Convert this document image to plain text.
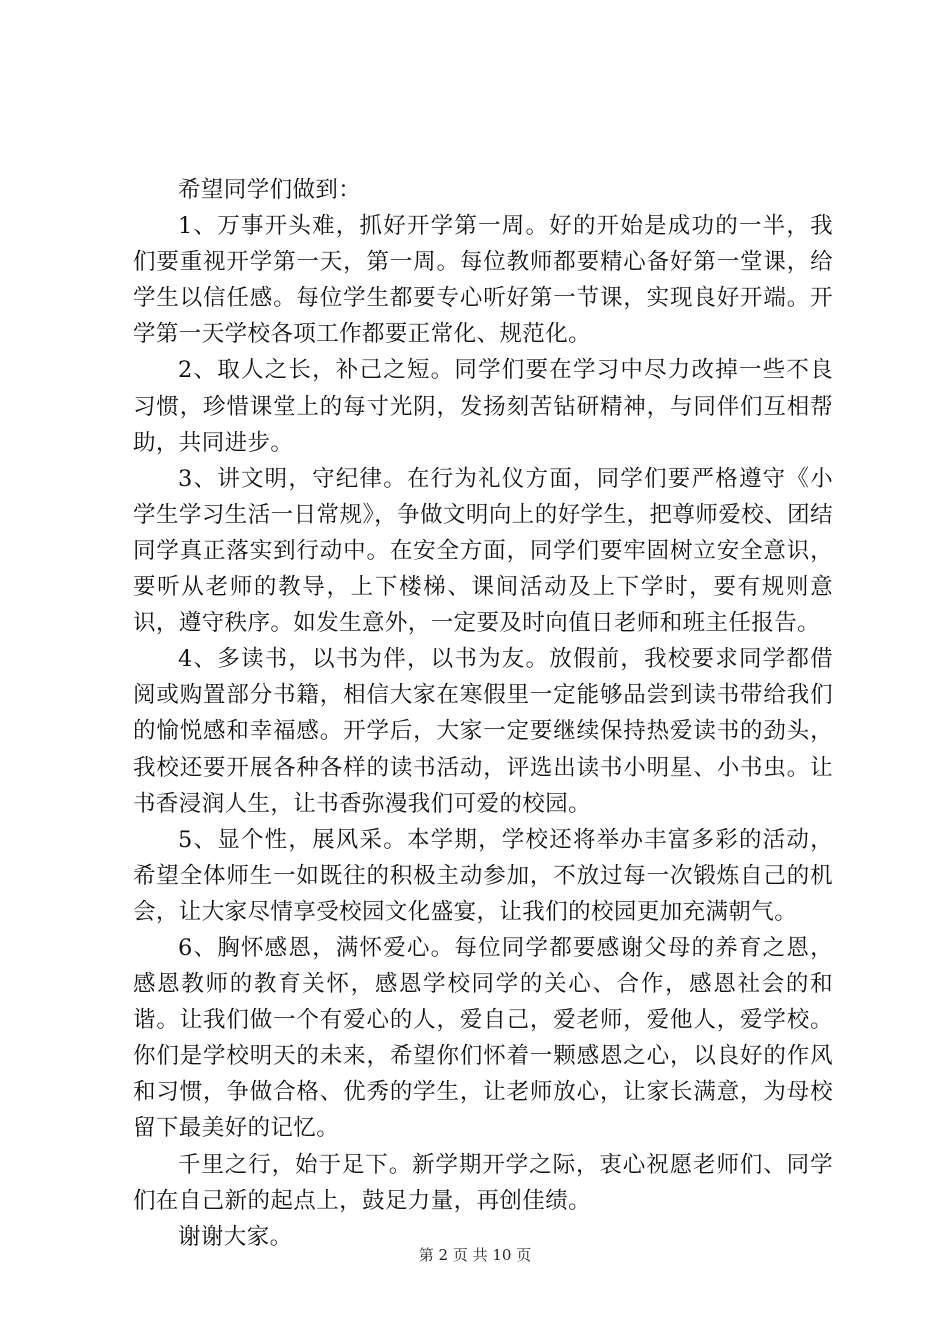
希望同学们做到：

1、万事开头难，抓好开学第一周。好的开始是成功的一半，我们要重视开学第一天，第一周。每位教师都要精心备好第一堂课，给学生以信任感。每位学生都要专心听好第一节课，实现良好开端。开学第一天学校各项工作都要正常化、规范化。

2、取人之长，补己之短。同学们要在学习中尽力改掉一些不良习惯，珍惜课堂上的每寸光阴，发扬刻苦钻研精神，与同伴们互相帮助，共同进步。

3、讲文明，守纪律。在行为礼仪方面，同学们要严格遵守《小学生学习生活一日常规》，争做文明向上的好学生，把尊师爱校、团结同学真正落实到行动中。在安全方面，同学们要牢固树立安全意识，要听从老师的教导，上下楼梯、课间活动及上下学时，要有规则意识，遵守秩序。如发生意外，一定要及时向值日老师和班主任报告。

4、多读书，以书为伴，以书为友。放假前，我校要求同学都借阅或购置部分书籍，相信大家在寒假里一定能够品尝到读书带给我们的愉悦感和幸福感。开学后，大家一定要继续保持热爱读书的劲头，我校还要开展各种各样的读书活动，评选出读书小明星、小书虫。让书香浸润人生，让书香弥漫我们可爱的校园。

5、显个性，展风采。本学期，学校还将举办丰富多彩的活动，希望全体师生一如既往的积极主动参加，不放过每一次锻炼自己的机会，让大家尽情享受校园文化盛宴，让我们的校园更加充满朝气。

6、胸怀感恩，满怀爱心。每位同学都要感谢父母的养育之恩，感恩教师的教育关怀，感恩学校同学的关心、合作，感恩社会的和谐。让我们做一个有爱心的人，爱自己，爱老师，爱他人，爱学校。你们是学校明天的未来，希望你们怀着一颗感恩之心，以良好的作风和习惯，争做合格、优秀的学生，让老师放心，让家长满意，为母校留下最美好的记忆。

千里之行，始于足下。新学期开学之际，衷心祝愿老师们、同学们在自己新的起点上，鼓足力量，再创佳绩。

谢谢大家。

第 2 页 共 10 页
